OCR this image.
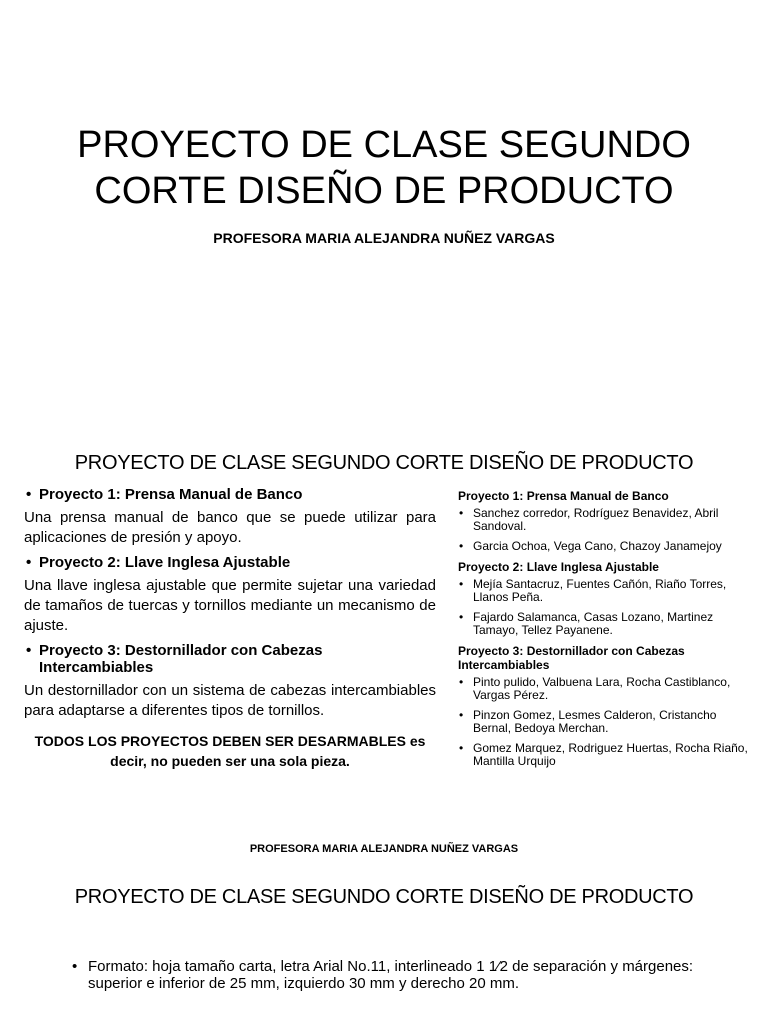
PROYECTO DE CLASE SEGUNDO
CORTE DISEÑO DE PRODUCTO
PROFESORA MARIA ALEJANDRA NUÑEZ VARGAS
PROYECTO DE CLASE SEGUNDO CORTE DISEÑO DE PRODUCTO
• Proyecto 1: Prensa Manual de Banco
Una prensa manual de banco que se puede utilizar para aplicaciones de presión y apoyo.
• Proyecto 2: Llave Inglesa Ajustable
Una llave inglesa ajustable que permite sujetar una variedad de tamaños de tuercas y tornillos mediante un mecanismo de ajuste.
• Proyecto 3: Destornillador con Cabezas Intercambiables
Un destornillador con un sistema de cabezas intercambiables para adaptarse a diferentes tipos de tornillos.
TODOS LOS PROYECTOS DEBEN SER DESARMABLES es decir, no pueden ser una sola pieza.
Proyecto 1: Prensa Manual de Banco
• Sanchez corredor, Rodríguez Benavidez, Abril Sandoval.
• Garcia Ochoa, Vega Cano, Chazoy Janamejoy
Proyecto 2: Llave Inglesa Ajustable
• Mejía Santacruz, Fuentes Cañón, Riaño Torres, Llanos Peña.
• Fajardo Salamanca, Casas Lozano, Martinez Tamayo, Tellez Payanene.
Proyecto 3: Destornillador con Cabezas Intercambiables
• Pinto pulido, Valbuena Lara, Rocha Castiblanco, Vargas Pérez.
• Pinzon Gomez, Lesmes Calderon, Cristancho Bernal, Bedoya Merchan.
• Gomez Marquez, Rodriguez Huertas, Rocha Riaño, Mantilla Urquijo
PROFESORA MARIA ALEJANDRA NUÑEZ VARGAS
PROYECTO DE CLASE SEGUNDO CORTE DISEÑO DE PRODUCTO
• Formato: hoja tamaño carta, letra Arial No.11, interlineado 1 1⁄2 de separación y márgenes: superior e inferior de 25 mm, izquierdo 30 mm y derecho 20 mm.
